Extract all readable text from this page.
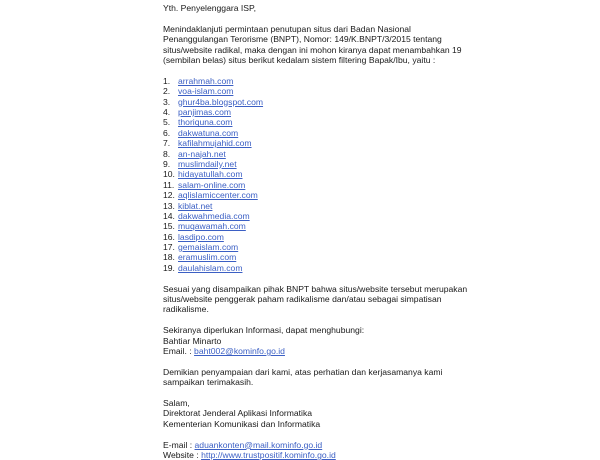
Yth. Penyelenggara ISP,

Menindaklanjuti permintaan penutupan situs dari Badan Nasional
Penanggulangan Terorisme (BNPT), Nomor: 149/K.BNPT/3/2015 tentang
situs/website radikal, maka dengan ini mohon kiranya dapat menambahkan 19
(sembilan belas) situs berikut kedalam sistem filtering Bapak/Ibu, yaitu :
1. arrahmah.com
2. voa-islam.com
3. ghur4ba.blogspot.com
4. panjimas.com
5. thoriquna.com
6. dakwatuna.com
7. kafilahmujahid.com
8. an-najah.net
9. muslimdaily.net
10. hidayatullah.com
11. salam-online.com
12. aqlislamiccenter.com
13. kiblat.net
14. dakwahmedia.com
15. muqawamah.com
16. lasdipo.com
17. gemaislam.com
18. eramuslim.com
19. daulahislam.com
Sesuai yang disampaikan pihak BNPT bahwa situs/website tersebut merupakan
situs/website penggerak paham radikalisme dan/atau sebagai simpatisan
radikalisme.
Sekiranya diperlukan Informasi, dapat menghubungi:
Bahtiar Minarto
Email. : baht002@kominfo.go.id
Demikian penyampaian dari kami, atas perhatian dan kerjasamanya kami
sampaikan terimakasih.
Salam,
Direktorat Jenderal Aplikasi Informatika
Kementerian Komunikasi dan Informatika
E-mail : aduankonten@mail.kominfo.go.id
Website : http://www.trustpositif.kominfo.go.id
